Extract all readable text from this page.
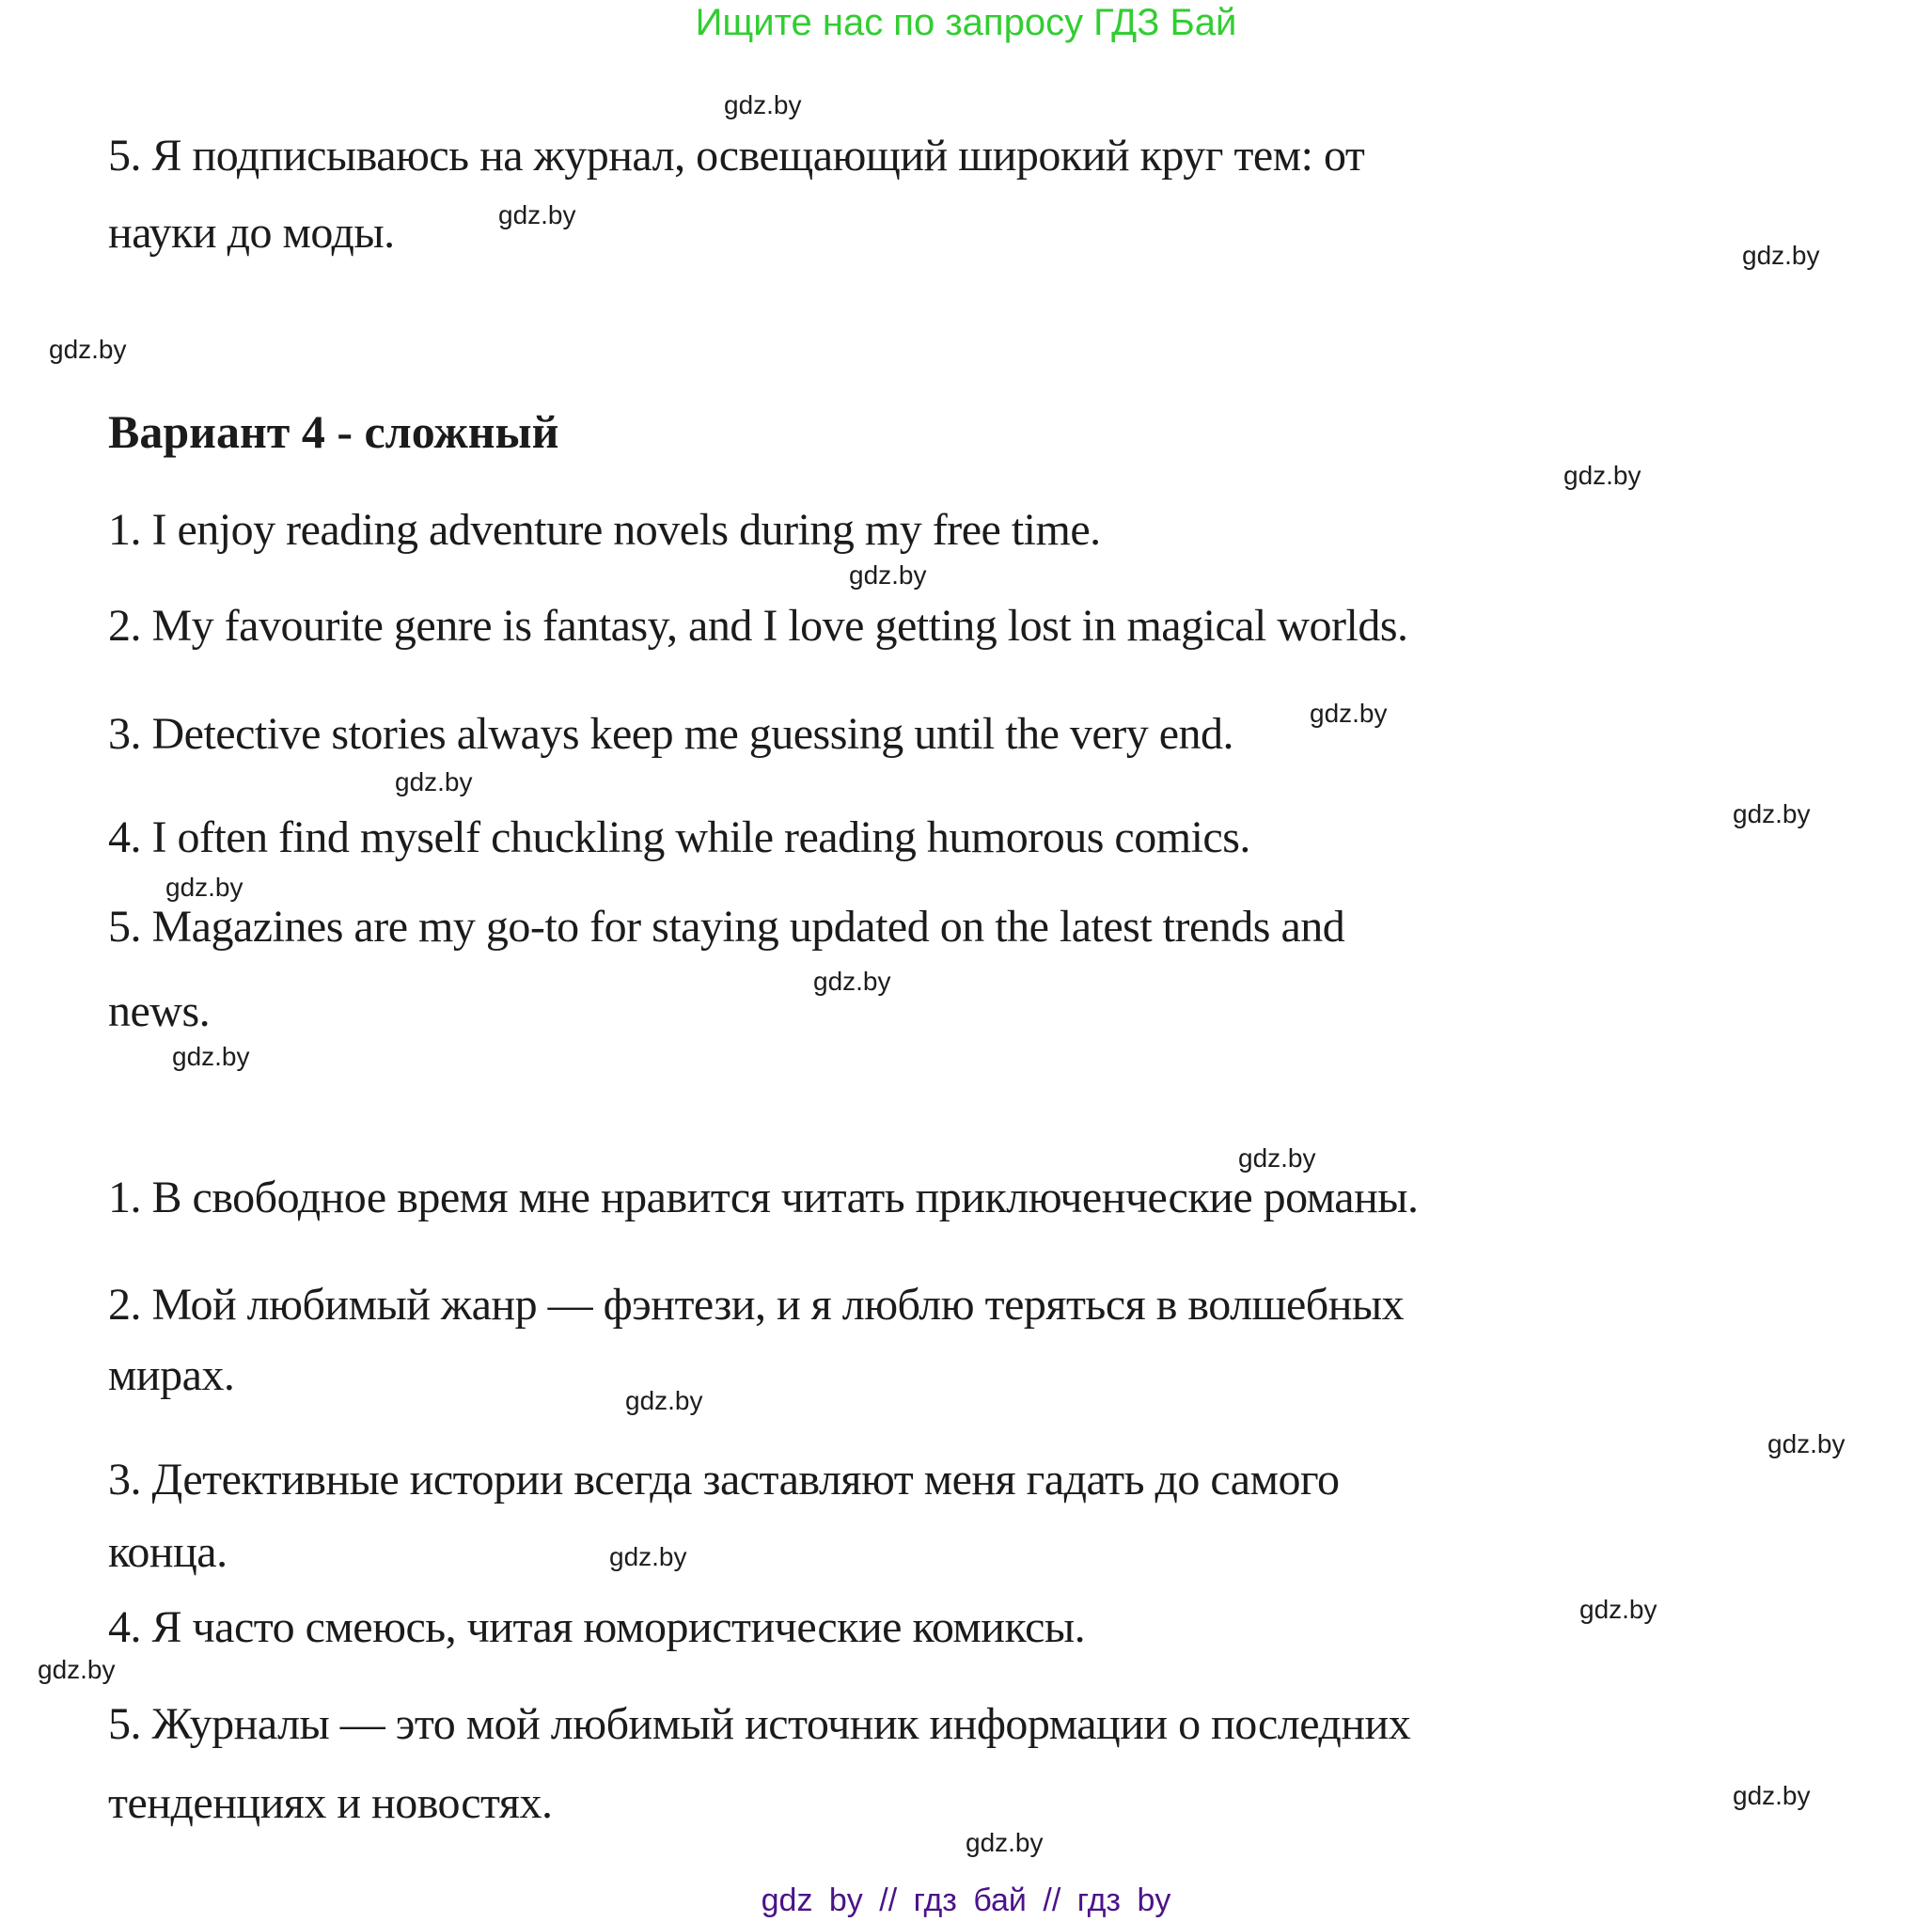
Ищите нас по запросу ГДЗ Бай
gdz.by
gdz.by
gdz.by
gdz.by
gdz.by
gdz.by
gdz.by
gdz.by
gdz.by
gdz.by
gdz.by
gdz.by
gdz.by
gdz.by
gdz.by
gdz.by
gdz.by
gdz.by
gdz.by
gdz.by
5. Я подписываюсь на журнал, освещающий широкий круг тем: от
науки до моды.
Вариант 4 - сложный
1. I enjoy reading adventure novels during my free time.
2. My favourite genre is fantasy, and I love getting lost in magical worlds.
3. Detective stories always keep me guessing until the very end.
4. I often find myself chuckling while reading humorous comics.
5. Magazines are my go-to for staying updated on the latest trends and
news.
1. В свободное время мне нравится читать приключенческие романы.
2. Мой любимый жанр — фэнтези, и я люблю теряться в волшебных
мирах.
3. Детективные истории всегда заставляют меня гадать до самого
конца.
4. Я часто смеюсь, читая юмористические комиксы.
5. Журналы — это мой любимый источник информации о последних
тенденциях и новостях.
gdz by // гдз бай // гдз by
